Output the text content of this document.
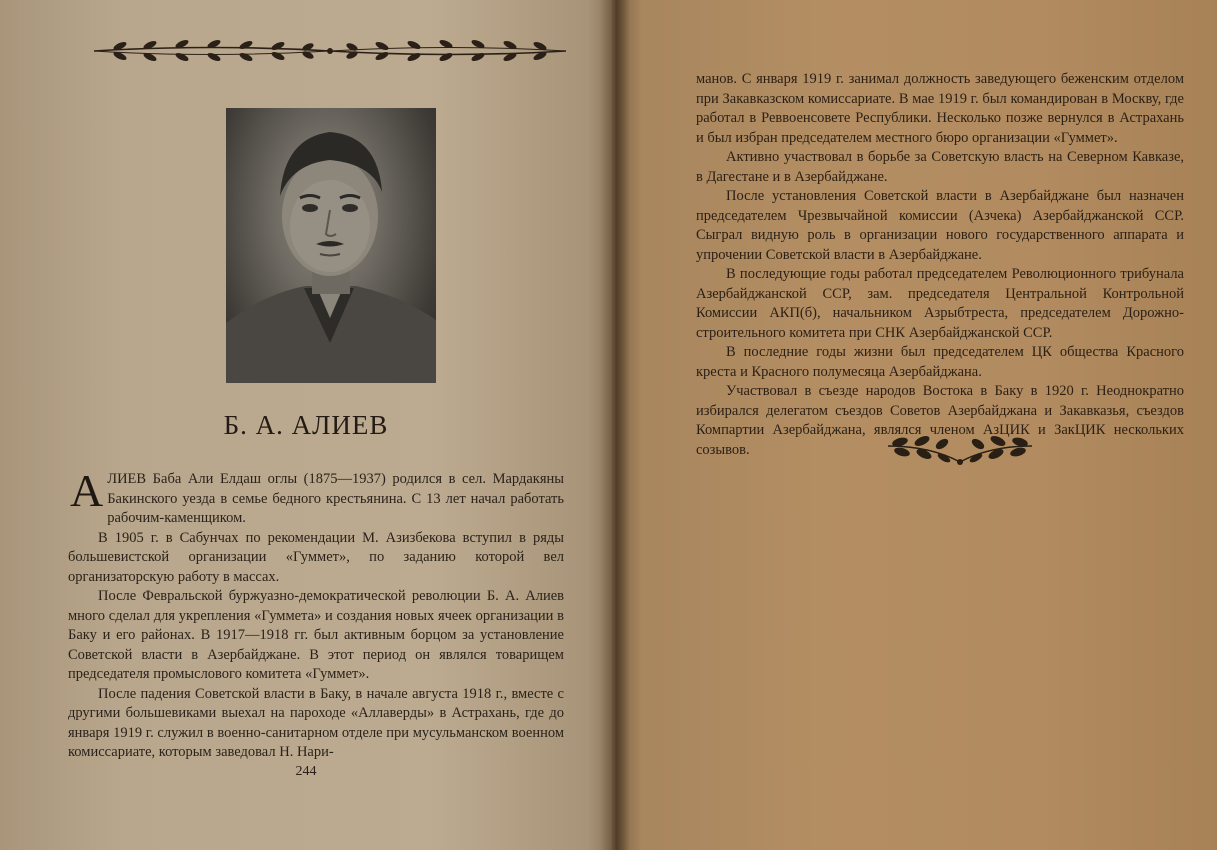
Б. А. АЛИЕВ

АЛИЕВ Баба Али Елдаш оглы (1875—1937) родился в сел. Мардакяны Бакинского уезда в семье бедного крестьянина. С 13 лет начал работать рабочим-каменщиком.

В 1905 г. в Сабунчах по рекомендации М. Азизбекова вступил в ряды большевистской организации «Гуммет», по заданию которой вел организаторскую работу в массах.

После Февральской буржуазно-демократической революции Б. А. Алиев много сделал для укрепления «Гуммета» и создания новых ячеек организации в Баку и его районах. В 1917—1918 гг. был активным борцом за установление Советской власти в Азербайджане. В этот период он являлся товарищем председателя промыслового комитета «Гуммет».

После падения Советской власти в Баку, в начале августа 1918 г., вместе с другими большевиками выехал на пароходе «Аллаверды» в Астрахань, где до января 1919 г. служил в военно-санитарном отделе при мусульманском военном комиссариате, которым заведовал Н. Нари-

244

манов. С января 1919 г. занимал должность заведующего беженским отделом при Закавказском комиссариате. В мае 1919 г. был командирован в Москву, где работал в Реввоенсовете Республики. Несколько позже вернулся в Астрахань и был избран председателем местного бюро организации «Гуммет».

Активно участвовал в борьбе за Советскую власть на Северном Кавказе, в Дагестане и в Азербайджане.

После установления Советской власти в Азербайджане был назначен председателем Чрезвычайной комиссии (Азчека) Азербайджанской ССР. Сыграл видную роль в организации нового государственного аппарата и упрочении Советской власти в Азербайджане.

В последующие годы работал председателем Революционного трибунала Азербайджанской ССР, зам. председателя Центральной Контрольной Комиссии АКП(б), начальником Азрыбтреста, председателем Дорожно-строительного комитета при СНК Азербайджанской ССР.

В последние годы жизни был председателем ЦК общества Красного креста и Красного полумесяца Азербайджана.

Участвовал в съезде народов Востока в Баку в 1920 г. Неоднократно избирался делегатом съездов Советов Азербайджана и Закавказья, съездов Компартии Азербайджана, являлся членом АзЦИК и ЗакЦИК нескольких созывов.
